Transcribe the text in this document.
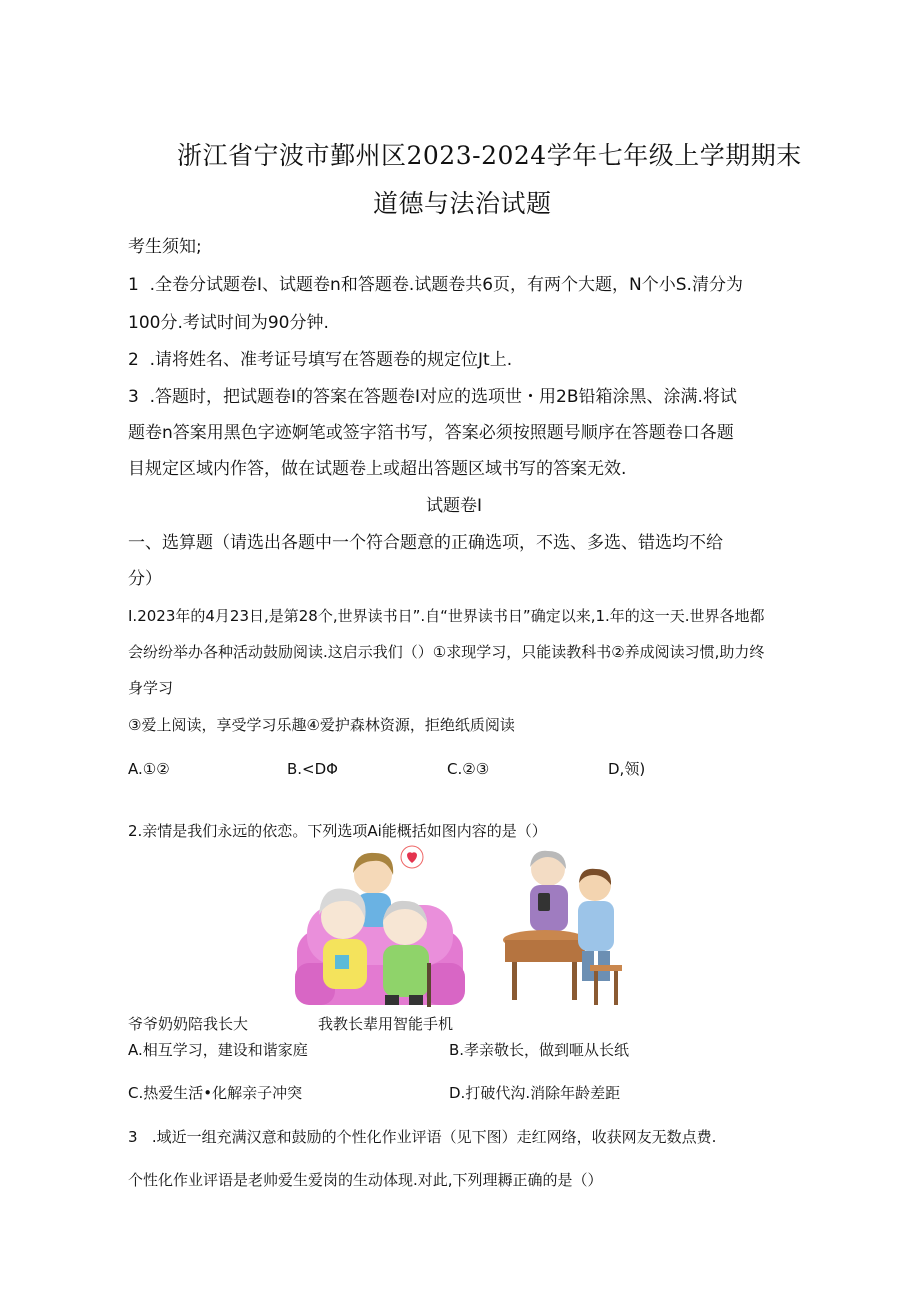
浙江省宁波市鄞州区2023-2024学年七年级上学期期末
道德与法治试题
考生须知;
1  .全卷分试题卷I、试题卷n和答题卷.试题卷共6页，有两个大题，N个小S.清分为
100分.考试时间为90分钟.
2  .请将姓名、准考证号填写在答题卷的规定位Jt上.
3  .答题时，把试题卷I的答案在答题卷I对应的选项世・用2B铅箱涂黑、涂满.将试
题卷n答案用黑色字迹婀笔或签字箔书写，答案必须按照题号顺序在答题卷口各题
目规定区域内作答，做在试题卷上或超出答题区域书写的答案无效.
试题卷I
一、选算题（请选出各题中一个符合题意的正确选项，不选、多选、错选均不给
分）
I.2023年的4月23日,是第28个,世界读书日”.自“世界读书日”确定以来,1.年的这一天.世界各地都
会纷纷举办各种活动鼓励阅读.这启示我们（）①求现学习，只能读教科书②养成阅读习惯,助力终
身学习
③爱上阅读，享受学习乐趣④爱护森林资源，拒绝纸质阅读
A.①②	B.<DΦ	C.②③	D,领)
2.亲情是我们永远的依恋。下列选项Ai能概括如图内容的是（）
爷爷奶奶陪我长大	我教长辈用智能手机
A.相互学习，建设和谐家庭	B.孝亲敬长，做到咂从长纸
C.热爱生活•化解亲子冲突	D.打破代沟.消除年龄差距
3   .域近一组充满汉意和鼓励的个性化作业评语（见下图）走红网络，收获网友无数点费.
个性化作业评语是老帅爱生爱岗的生动体现.对此,下列理耨正确的是（）
